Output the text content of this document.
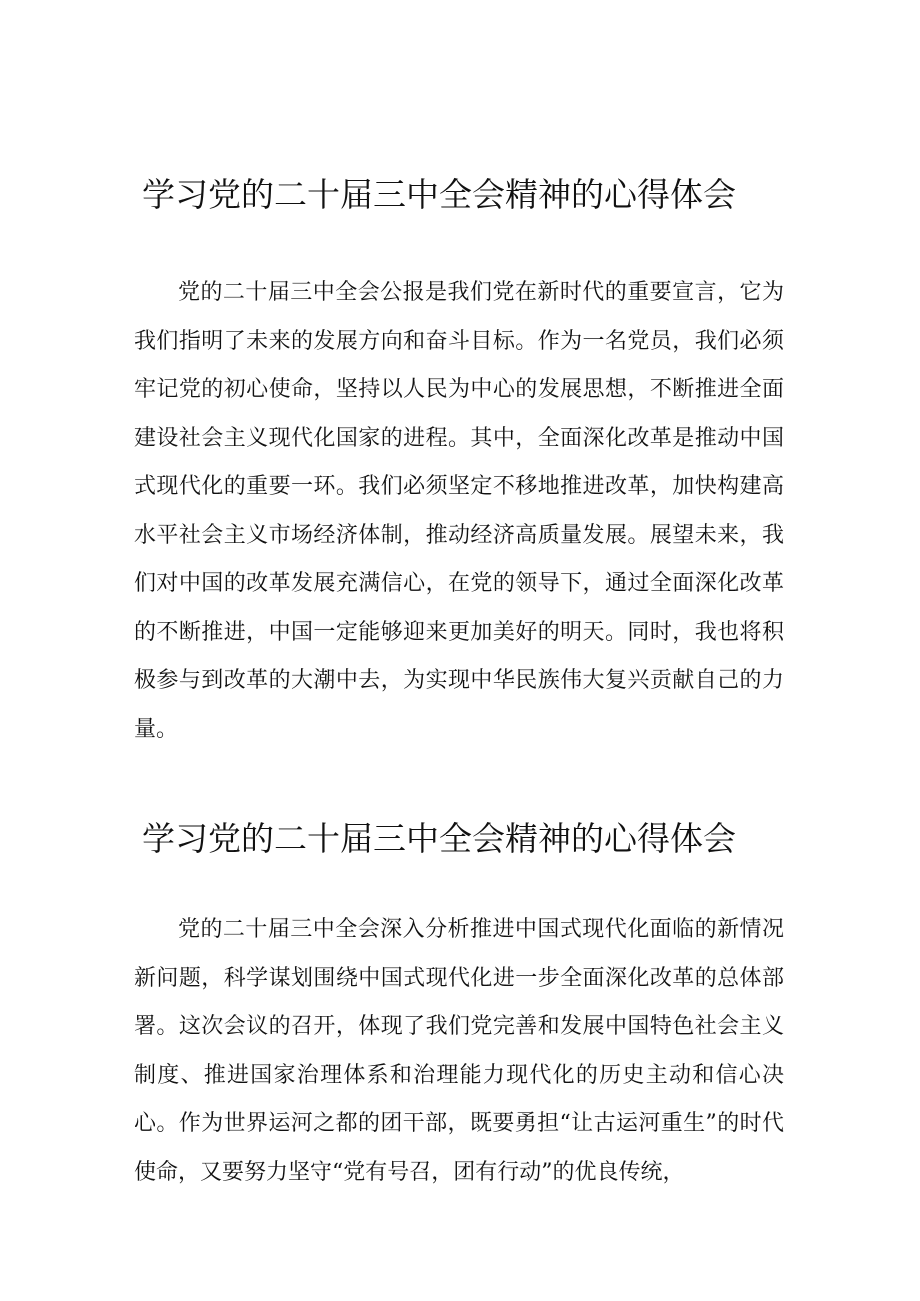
学习党的二十届三中全会精神的心得体会

党的二十届三中全会公报是我们党在新时代的重要宣言，它为我们指明了未来的发展方向和奋斗目标。作为一名党员，我们必须牢记党的初心使命，坚持以人民为中心的发展思想，不断推进全面建设社会主义现代化国家的进程。其中，全面深化改革是推动中国式现代化的重要一环。我们必须坚定不移地推进改革，加快构建高水平社会主义市场经济体制，推动经济高质量发展。展望未来，我们对中国的改革发展充满信心，在党的领导下，通过全面深化改革的不断推进，中国一定能够迎来更加美好的明天。同时，我也将积极参与到改革的大潮中去，为实现中华民族伟大复兴贡献自己的力量。

学习党的二十届三中全会精神的心得体会

党的二十届三中全会深入分析推进中国式现代化面临的新情况新问题，科学谋划围绕中国式现代化进一步全面深化改革的总体部署。这次会议的召开，体现了我们党完善和发展中国特色社会主义制度、推进国家治理体系和治理能力现代化的历史主动和信心决心。作为世界运河之都的团干部，既要勇担“让古运河重生”的时代使命，又要努力坚守“党有号召，团有行动”的优良传统，
